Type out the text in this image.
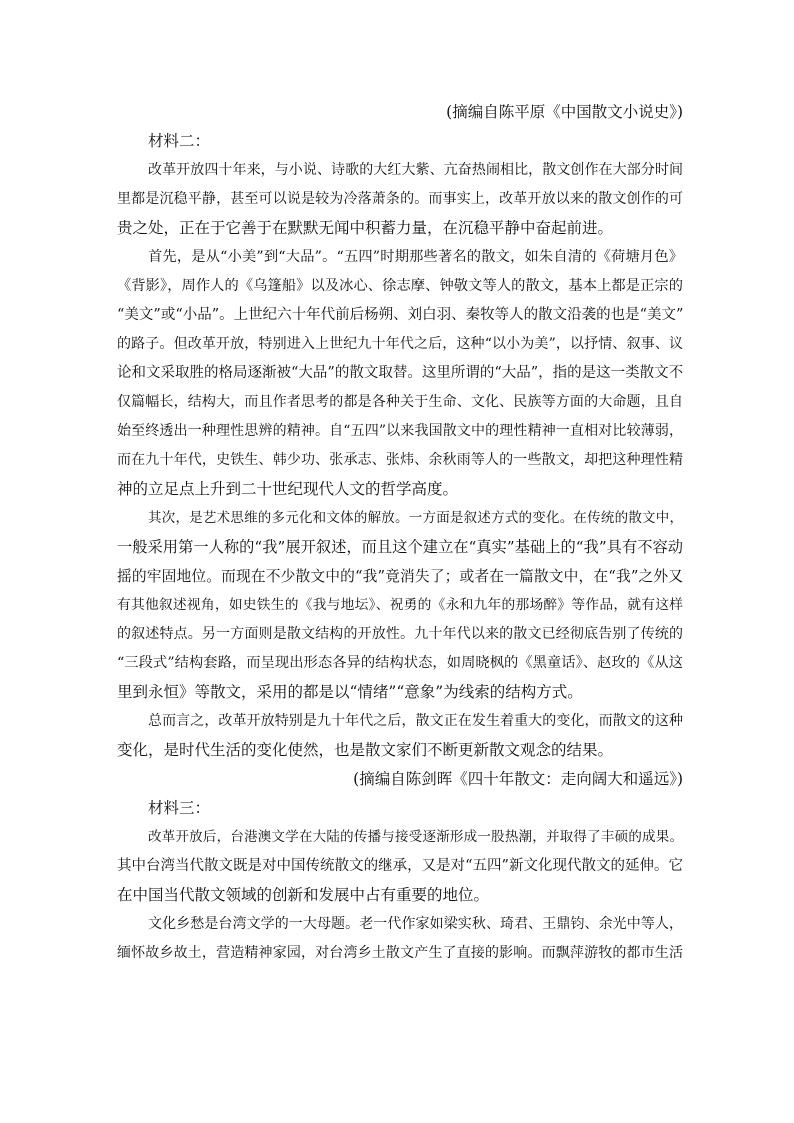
(摘编自陈平原《中国散文小说史》)
材料二：
改革开放四十年来，与小说、诗歌的大红大紫、亢奋热闹相比，散文创作在大部分时间
里都是沉稳平静，甚至可以说是较为冷落萧条的。而事实上，改革开放以来的散文创作的可
贵之处，正在于它善于在默默无闻中积蓄力量，在沉稳平静中奋起前进。
首先，是从“小美”到“大品”。“五四”时期那些著名的散文，如朱自清的《荷塘月色》
《背影》，周作人的《乌篷船》以及冰心、徐志摩、钟敬文等人的散文，基本上都是正宗的
“美文”或“小品”。上世纪六十年代前后杨朔、刘白羽、秦牧等人的散文沿袭的也是“美文”
的路子。但改革开放，特别进入上世纪九十年代之后，这种“以小为美”，以抒情、叙事、议
论和文采取胜的格局逐渐被“大品”的散文取替。这里所谓的“大品”，指的是这一类散文不
仅篇幅长，结构大，而且作者思考的都是各种关于生命、文化、民族等方面的大命题，且自
始至终透出一种理性思辨的精神。自“五四”以来我国散文中的理性精神一直相对比较薄弱，
而在九十年代，史铁生、韩少功、张承志、张炜、余秋雨等人的一些散文，却把这种理性精
神的立足点上升到二十世纪现代人文的哲学高度。
其次，是艺术思维的多元化和文体的解放。一方面是叙述方式的变化。在传统的散文中，
一般采用第一人称的“我”展开叙述，而且这个建立在“真实”基础上的“我”具有不容动
摇的牢固地位。而现在不少散文中的“我”竟消失了；或者在一篇散文中，在“我”之外又
有其他叙述视角，如史铁生的《我与地坛》、祝勇的《永和九年的那场醉》等作品，就有这样
的叙述特点。另一方面则是散文结构的开放性。九十年代以来的散文已经彻底告别了传统的
“三段式”结构套路，而呈现出形态各异的结构状态，如周晓枫的《黑童话》、赵玫的《从这
里到永恒》等散文，采用的都是以“情绪”“意象”为线索的结构方式。
总而言之，改革开放特别是九十年代之后，散文正在发生着重大的变化，而散文的这种
变化，是时代生活的变化使然，也是散文家们不断更新散文观念的结果。
(摘编自陈剑晖《四十年散文：走向阔大和遥远》)
材料三：
改革开放后，台港澳文学在大陆的传播与接受逐渐形成一股热潮，并取得了丰硕的成果。
其中台湾当代散文既是对中国传统散文的继承，又是对“五四”新文化现代散文的延伸。它
在中国当代散文领域的创新和发展中占有重要的地位。
文化乡愁是台湾文学的一大母题。老一代作家如梁实秋、琦君、王鼎钧、余光中等人，
缅怀故乡故土，营造精神家园，对台湾乡土散文产生了直接的影响。而飘萍游牧的都市生活
